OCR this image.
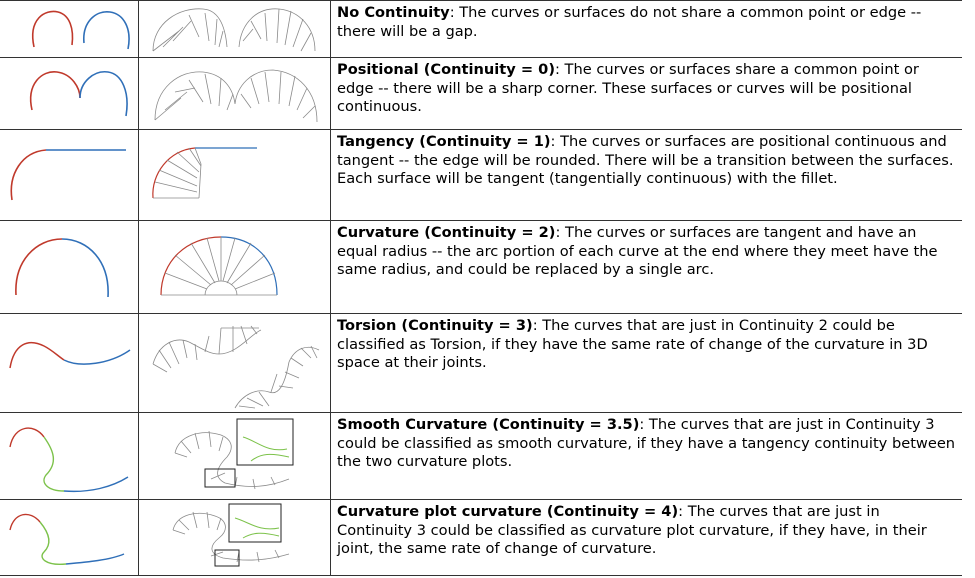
	No Continuity: The curves or surfaces do not share a common point or edge -- there will be a gap.

	Positional (Continuity = 0): The curves or surfaces share a common point or edge -- there will be a sharp corner. These surfaces or curves will be positional continuous.

	Tangency (Continuity = 1): The curves or surfaces are positional continuous and tangent -- the edge will be rounded. There will be a transition between the surfaces. Each surface will be tangent (tangentially continuous) with the fillet.

	Curvature (Continuity = 2): The curves or surfaces are tangent and have an equal radius -- the arc portion of each curve at the end where they meet have the same radius, and could be replaced by a single arc.

	Torsion (Continuity = 3): The curves that are just in Continuity 2 could be classified as Torsion, if they have the same rate of change of the curvature in 3D space at their joints.

	Smooth Curvature (Continuity = 3.5): The curves that are just in Continuity 3 could be classified as smooth curvature, if they have a tangency continuity between the two curvature plots.

	Curvature plot curvature (Continuity = 4): The curves that are just in Continuity 3 could be classified as curvature plot curvature, if they have, in their joint, the same rate of change of curvature.
